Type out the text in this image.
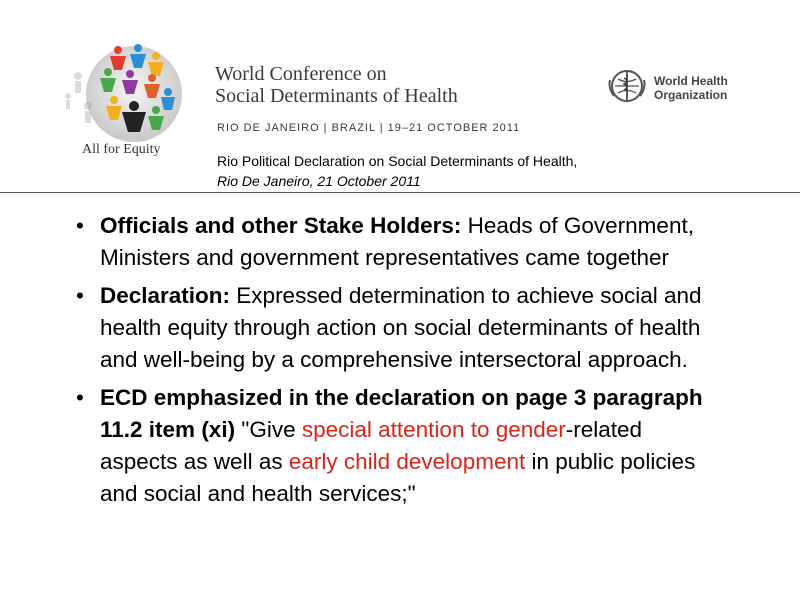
All for Equity
World Conference on
Social Determinants of Health
RIO DE JANEIRO | BRAZIL | 19–21 OCTOBER 2011
World Health
Organization
Rio Political Declaration on Social Determinants of Health,
Rio De Janeiro, 21 October 2011
• Officials and other Stake Holders: Heads of Government, Ministers and government representatives came together
• Declaration: Expressed determination to achieve social and health equity through action on social determinants of health and well-being by a comprehensive intersectoral approach.
• ECD emphasized in the declaration on page 3 paragraph 11.2 item (xi) "Give special attention to gender-related aspects as well as early child development in public policies and social and health services;"
